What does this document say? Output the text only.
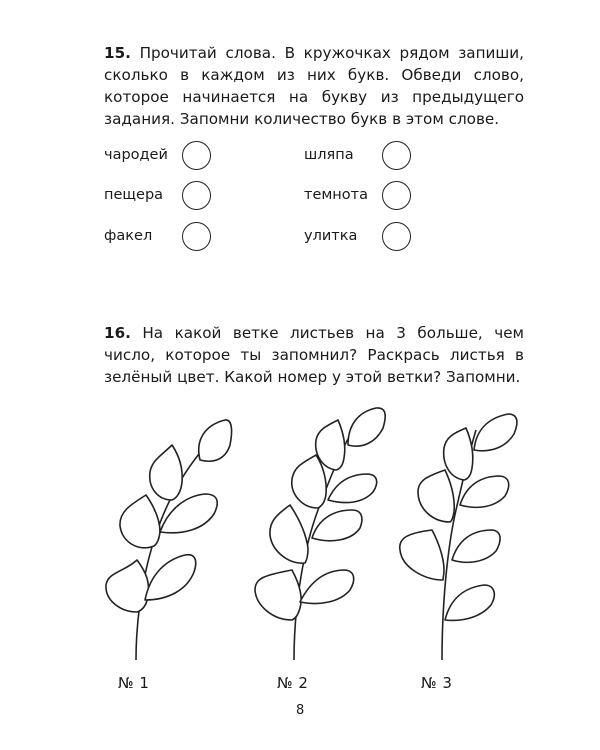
15. Прочитай слова. В кружочках рядом запиши, сколько в каждом из них букв. Обведи слово, которое начинается на букву из предыдущего задания. Запомни количество букв в этом слове.
чародей
пещера
факел
шляпа
темнота
улитка
16. На какой ветке листьев на 3 больше, чем число, которое ты запомнил? Раскрась листья в зелёный цвет. Какой номер у этой ветки? Запомни.
№ 1	№ 2	№ 3
8
